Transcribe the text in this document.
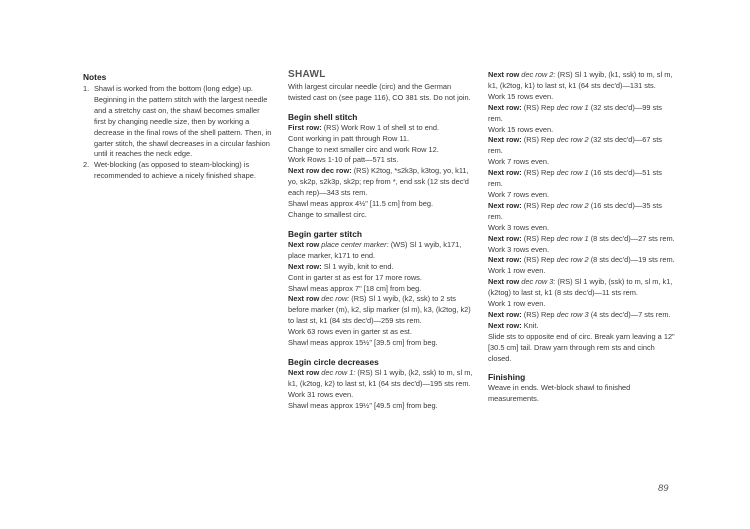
Notes

1. Shawl is worked from the bottom (long edge) up. Beginning in the pattern stitch with the largest needle and a stretchy cast on, the shawl becomes smaller first by changing needle size, then by working a decrease in the final rows of the shell pattern. Then, in garter stitch, the shawl decreases in a circular fashion until it reaches the neck edge.
2. Wet-blocking (as opposed to steam-blocking) is recommended to achieve a nicely finished shape.

SHAWL

With largest circular needle (circ) and the German twisted cast on (see page 116), CO 381 sts. Do not join.

Begin shell stitch

First row: (RS) Work Row 1 of shell st to end.

Cont working in patt through Row 11.

Change to next smaller circ and work Row 12.

Work Rows 1-10 of patt—571 sts.

Next row dec row: (RS) K2tog, *s2k3p, k3tog, yo, k11, yo, sk2p, s2k3p, sk2p; rep from *, end ssk (12 sts dec'd each rep)—343 sts rem.

Shawl meas approx 4½" [11.5 cm] from beg.

Change to smallest circ.

Begin garter stitch

Next row place center marker: (WS) Sl 1 wyib, k171, place marker, k171 to end.

Next row: Sl 1 wyib, knit to end.

Cont in garter st as est for 17 more rows.

Shawl meas approx 7" [18 cm] from beg.

Next row dec row: (RS) Sl 1 wyib, (k2, ssk) to 2 sts before marker (m), k2, slip marker (sl m), k3, (k2tog, k2) to last st, k1 (84 sts dec'd)—259 sts rem.

Work 63 rows even in garter st as est.

Shawl meas approx 15½" [39.5 cm] from beg.

Begin circle decreases

Next row dec row 1: (RS) Sl 1 wyib, (k2, ssk) to m, sl m, k1, (k2tog, k2) to last st, k1 (64 sts dec'd)—195 sts rem.

Work 31 rows even.

Shawl meas approx 19½" [49.5 cm] from beg.

Next row dec row 2: (RS) Sl 1 wyib, (k1, ssk) to m, sl m, k1, (k2tog, k1) to last st, k1 (64 sts dec'd)—131 sts.

Work 15 rows even.

Next row: (RS) Rep dec row 1 (32 sts dec'd)—99 sts rem.

Work 15 rows even.

Next row: (RS) Rep dec row 2 (32 sts dec'd)—67 sts rem.

Work 7 rows even.

Next row: (RS) Rep dec row 1 (16 sts dec'd)—51 sts rem.

Work 7 rows even.

Next row: (RS) Rep dec row 2 (16 sts dec'd)—35 sts rem.

Work 3 rows even.

Next row: (RS) Rep dec row 1 (8 sts dec'd)—27 sts rem.

Work 3 rows even.

Next row: (RS) Rep dec row 2 (8 sts dec'd)—19 sts rem.

Work 1 row even.

Next row dec row 3: (RS) Sl 1 wyib, (ssk) to m, sl m, k1, (k2tog) to last st, k1 (8 sts dec'd)—11 sts rem.

Work 1 row even.

Next row: (RS) Rep dec row 3 (4 sts dec'd)—7 sts rem.

Next row: Knit.

Slide sts to opposite end of circ. Break yarn leaving a 12" [30.5 cm] tail. Draw yarn through rem sts and cinch closed.

Finishing

Weave in ends. Wet-block shawl to finished measurements.

89
